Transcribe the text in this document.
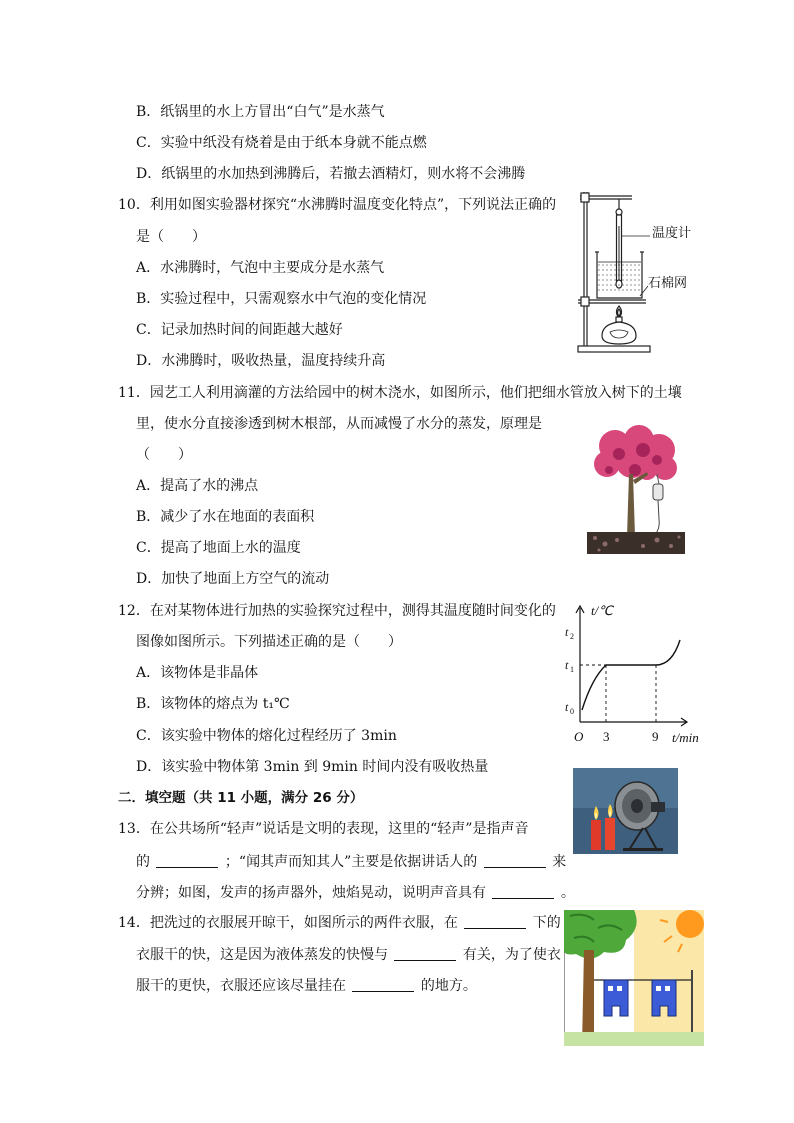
B．纸锅里的水上方冒出“白气”是水蒸气
C．实验中纸没有烧着是由于纸本身就不能点燃
D．纸锅里的水加热到沸腾后，若撤去酒精灯，则水将不会沸腾
10．利用如图实验器材探究“水沸腾时温度变化特点”，下列说法正确的
是（　　）
A．水沸腾时，气泡中主要成分是水蒸气
B．实验过程中，只需观察水中气泡的变化情况
C．记录加热时间的间距越大越好
D．水沸腾时，吸收热量，温度持续升高
温度计
石棉网
11．园艺工人利用滴灌的方法给园中的树木浇水，如图所示，他们把细水管放入树下的土壤
里，使水分直接渗透到树木根部，从而减慢了水分的蒸发，原理是
（　　）
A．提高了水的沸点
B．减少了水在地面的表面积
C．提高了地面上水的温度
D．加快了地面上方空气的流动
12．在对某物体进行加热的实验探究过程中，测得其温度随时间变化的
图像如图所示。下列描述正确的是（　　）
A．该物体是非晶体
B．该物体的熔点为 t₁℃
C．该实验中物体的熔化过程经历了 3min
D．该实验中物体第 3min 到 9min 时间内没有吸收热量
t/℃
t/min
O
t 2
t 1
t 0
3	9
二．填空题（共 11 小题，满分 26 分）
13．在公共场所“轻声”说话是文明的表现，这里的“轻声”是指声音
的	；“闻其声而知其人”主要是依据讲话人的	来
分辨；如图，发声的扬声器外，烛焰晃动，说明声音具有	。
14．把洗过的衣服展开晾干，如图所示的两件衣服，在	下的
衣服干的快，这是因为液体蒸发的快慢与	有关，为了使衣
服干的更快，衣服还应该尽量挂在	的地方。
